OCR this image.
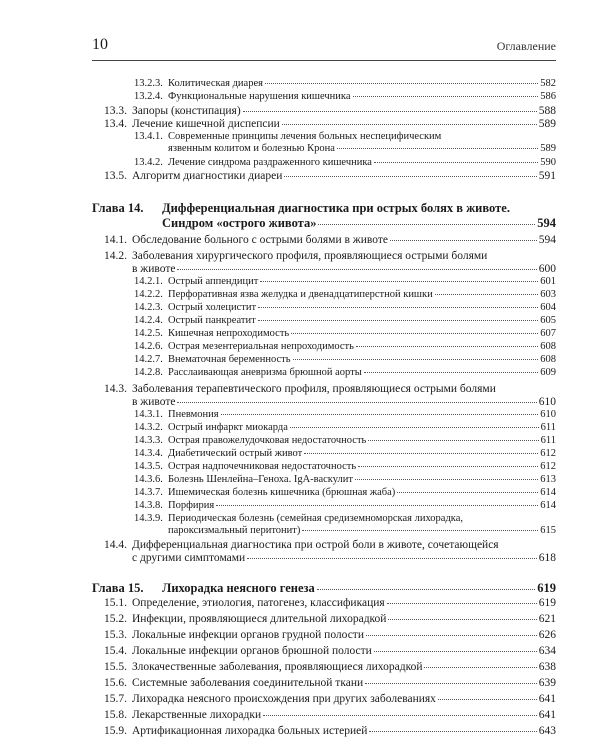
10	Оглавление
13.2.3. Колитическая диарея	582
13.2.4. Функциональные нарушения кишечника	586
13.3. Запоры (констипация)	588
13.4. Лечение кишечной диспепсии	589
13.4.1. Современные принципы лечения больных неспецифическим
язвенным колитом и болезнью Крона	589
13.4.2. Лечение синдрома раздраженного кишечника	590
13.5. Алгоритм диагностики диареи	591
Глава 14. Дифференциальная диагностика при острых болях в животе.
Синдром «острого живота»	594
14.1. Обследование больного с острыми болями в животе	594
14.2. Заболевания хирургического профиля, проявляющиеся острыми болями
в животе	600
14.2.1. Острый аппендицит	601
14.2.2. Перфоративная язва желудка и двенадцатиперстной кишки	603
14.2.3. Острый холецистит	604
14.2.4. Острый панкреатит	605
14.2.5. Кишечная непроходимость	607
14.2.6. Острая мезентериальная непроходимость	608
14.2.7. Внематочная беременность	608
14.2.8. Расслаивающая аневризма брюшной аорты	609
14.3. Заболевания терапевтического профиля, проявляющиеся острыми болями
в животе	610
14.3.1. Пневмония	610
14.3.2. Острый инфаркт миокарда	611
14.3.3. Острая правожелудочковая недостаточность	611
14.3.4. Диабетический острый живот	612
14.3.5. Острая надпочечниковая недостаточность	612
14.3.6. Болезнь Шенлейна–Геноха. IgA-васкулит	613
14.3.7. Ишемическая болезнь кишечника (брюшная жаба)	614
14.3.8. Порфирия	614
14.3.9. Периодическая болезнь (семейная средиземноморская лихорадка,
пароксизмальный перитонит)	615
14.4. Дифференциальная диагностика при острой боли в животе, сочетающейся
с другими симптомами	618
Глава 15. Лихорадка неясного генеза	619
15.1. Определение, этиология, патогенез, классификация	619
15.2. Инфекции, проявляющиеся длительной лихорадкой	621
15.3. Локальные инфекции органов грудной полости	626
15.4. Локальные инфекции органов брюшной полости	634
15.5. Злокачественные заболевания, проявляющиеся лихорадкой	638
15.6. Системные заболевания соединительной ткани	639
15.7. Лихорадка неясного происхождения при других заболеваниях	641
15.8. Лекарственные лихорадки	641
15.9. Артификационная лихорадка больных истерией	643
